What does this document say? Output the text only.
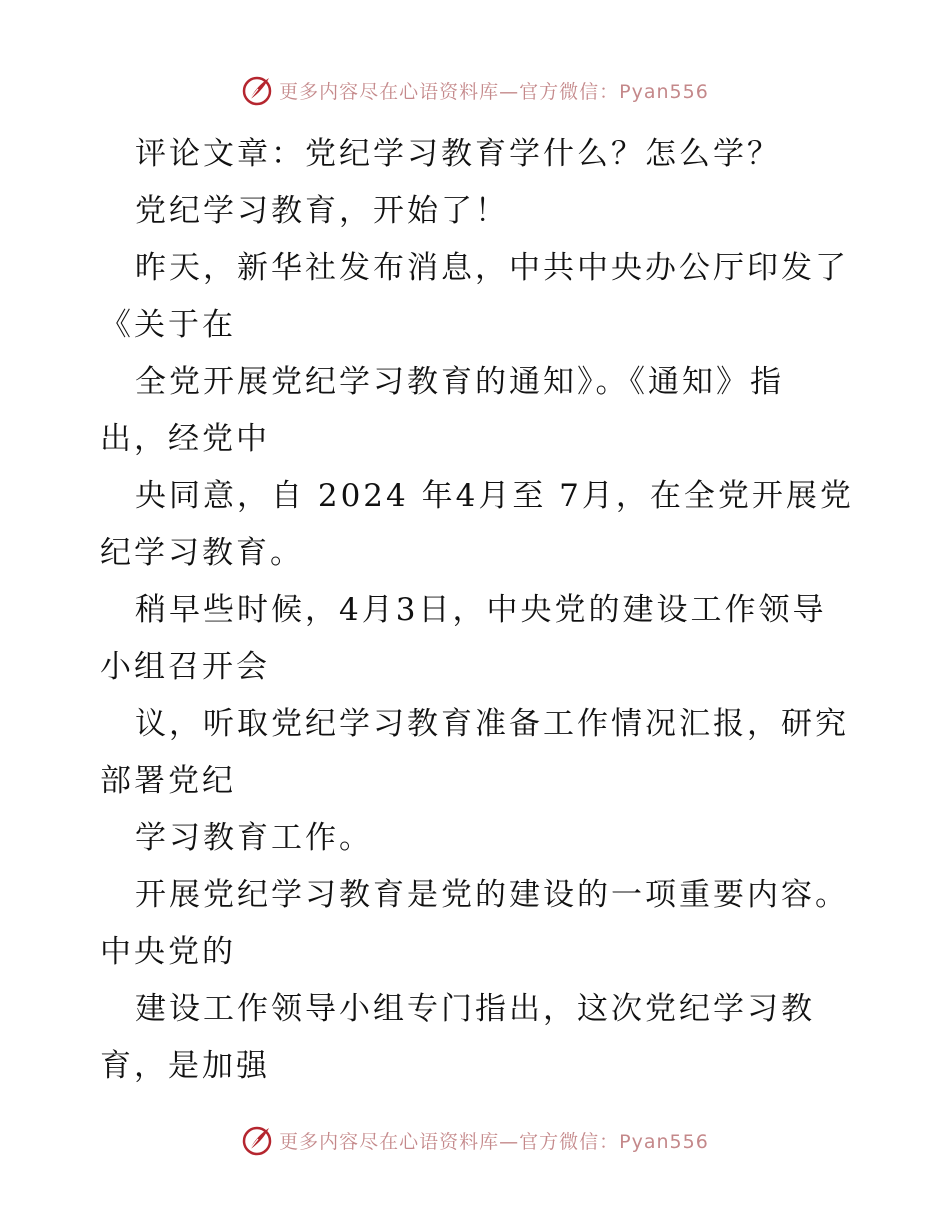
更多内容尽在心语资料库—官方微信：Pyan556
评论文章：党纪学习教育学什么？怎么学？
党纪学习教育，开始了！
昨天，新华社发布消息，中共中央办公厅印发了
《关于在
全党开展党纪学习教育的通知》。《通知》指
出，经党中
央同意，自 2024 年4月至 7月，在全党开展党
纪学习教育。
稍早些时候，4月3日，中央党的建设工作领导
小组召开会
议，听取党纪学习教育准备工作情况汇报，研究
部署党纪
学习教育工作。
开展党纪学习教育是党的建设的一项重要内容。
中央党的
建设工作领导小组专门指出，这次党纪学习教
育，是加强
更多内容尽在心语资料库—官方微信：Pyan556
